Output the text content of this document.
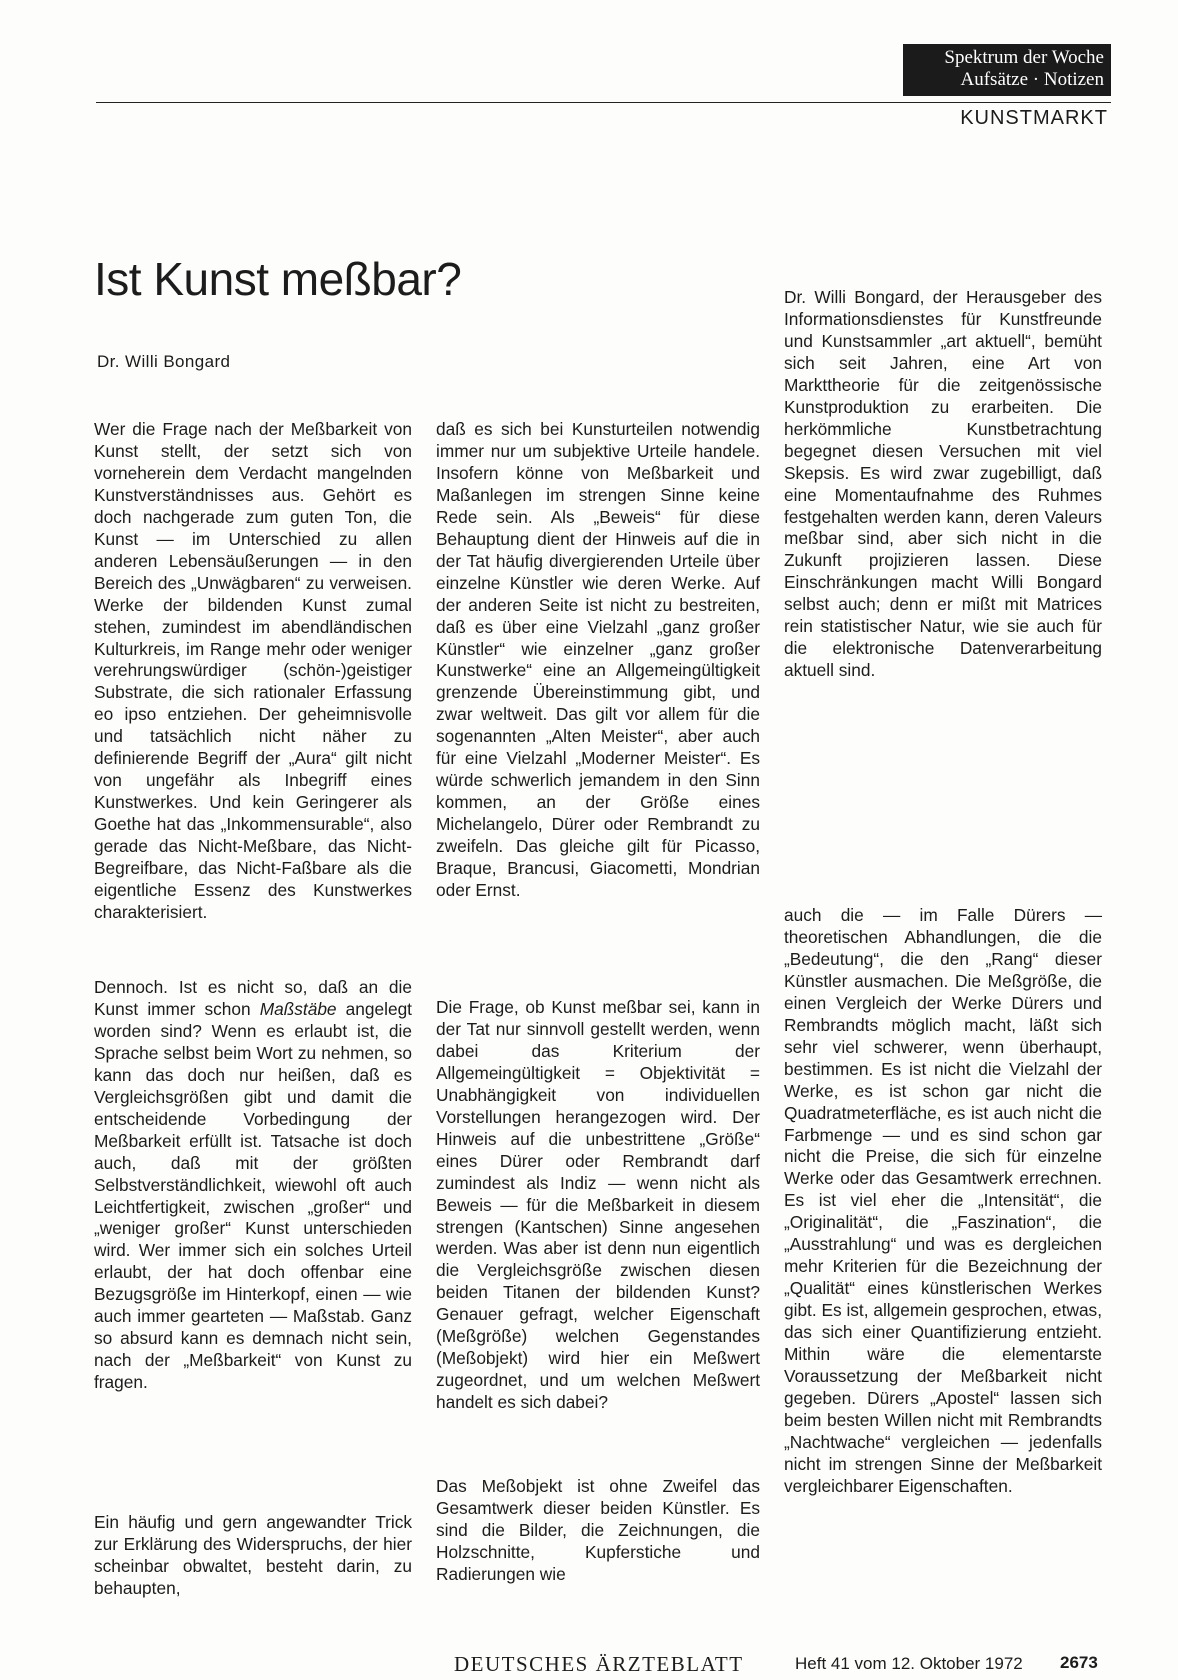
Spektrum der Woche
Aufsätze · Notizen
KUNSTMARKT
Ist Kunst meßbar?
Dr. Willi Bongard

Dr. Willi Bongard, der Herausgeber des Informationsdienstes für Kunstfreunde und Kunstsammler „art aktuell“, bemüht sich seit Jahren, eine Art von Markttheorie für die zeitgenössische Kunstproduktion zu erarbeiten. Die herkömmliche Kunstbetrachtung begegnet diesen Versuchen mit viel Skepsis. Es wird zwar zugebilligt, daß eine Momentaufnahme des Ruhmes festgehalten werden kann, deren Valeurs meßbar sind, aber sich nicht in die Zukunft projizieren lassen. Diese Einschränkungen macht Willi Bongard selbst auch; denn er mißt mit Matrices rein statistischer Natur, wie sie auch für die elektronische Datenverarbeitung aktuell sind.

Wer die Frage nach der Meßbarkeit von Kunst stellt, der setzt sich von vorneherein dem Verdacht mangelnden Kunstverständnisses aus. Gehört es doch nachgerade zum guten Ton, die Kunst — im Unterschied zu allen anderen Lebensäußerungen — in den Bereich des „Unwägbaren“ zu verweisen. Werke der bildenden Kunst zumal stehen, zumindest im abendländischen Kulturkreis, im Range mehr oder weniger verehrungswürdiger (schön-)geistiger Substrate, die sich rationaler Erfassung eo ipso entziehen. Der geheimnisvolle und tatsächlich nicht näher zu definierende Begriff der „Aura“ gilt nicht von ungefähr als Inbegriff eines Kunstwerkes. Und kein Geringerer als Goethe hat das „Inkommensurable“, also gerade das Nicht-Meßbare, das Nicht-Begreifbare, das Nicht-Faßbare als die eigentliche Essenz des Kunstwerkes charakterisiert.

Dennoch. Ist es nicht so, daß an die Kunst immer schon Maßstäbe angelegt worden sind? Wenn es erlaubt ist, die Sprache selbst beim Wort zu nehmen, so kann das doch nur heißen, daß es Vergleichsgrößen gibt und damit die entscheidende Vorbedingung der Meßbarkeit erfüllt ist. Tatsache ist doch auch, daß mit der größten Selbstverständlichkeit, wiewohl oft auch Leichtfertigkeit, zwischen „großer“ und „weniger großer“ Kunst unterschieden wird. Wer immer sich ein solches Urteil erlaubt, der hat doch offenbar eine Bezugsgröße im Hinterkopf, einen — wie auch immer gearteten — Maßstab. Ganz so absurd kann es demnach nicht sein, nach der „Meßbarkeit“ von Kunst zu fragen.

Ein häufig und gern angewandter Trick zur Erklärung des Widerspruchs, der hier scheinbar obwaltet, besteht darin, zu behaupten,

daß es sich bei Kunsturteilen notwendig immer nur um subjektive Urteile handele. Insofern könne von Meßbarkeit und Maßanlegen im strengen Sinne keine Rede sein. Als „Beweis“ für diese Behauptung dient der Hinweis auf die in der Tat häufig divergierenden Urteile über einzelne Künstler wie deren Werke. Auf der anderen Seite ist nicht zu bestreiten, daß es über eine Vielzahl „ganz großer Künstler“ wie einzelner „ganz großer Kunstwerke“ eine an Allgemeingültigkeit grenzende Übereinstimmung gibt, und zwar weltweit. Das gilt vor allem für die sogenannten „Alten Meister“, aber auch für eine Vielzahl „Moderner Meister“. Es würde schwerlich jemandem in den Sinn kommen, an der Größe eines Michelangelo, Dürer oder Rembrandt zu zweifeln. Das gleiche gilt für Picasso, Braque, Brancusi, Giacometti, Mondrian oder Ernst.

Die Frage, ob Kunst meßbar sei, kann in der Tat nur sinnvoll gestellt werden, wenn dabei das Kriterium der Allgemeingültigkeit = Objektivität = Unabhängigkeit von individuellen Vorstellungen herangezogen wird. Der Hinweis auf die unbestrittene „Größe“ eines Dürer oder Rembrandt darf zumindest als Indiz — wenn nicht als Beweis — für die Meßbarkeit in diesem strengen (Kantschen) Sinne angesehen werden. Was aber ist denn nun eigentlich die Vergleichsgröße zwischen diesen beiden Titanen der bildenden Kunst? Genauer gefragt, welcher Eigenschaft (Meßgröße) welchen Gegenstandes (Meßobjekt) wird hier ein Meßwert zugeordnet, und um welchen Meßwert handelt es sich dabei?

Das Meßobjekt ist ohne Zweifel das Gesamtwerk dieser beiden Künstler. Es sind die Bilder, die Zeichnungen, die Holzschnitte, Kupferstiche und Radierungen wie

auch die — im Falle Dürers — theoretischen Abhandlungen, die die „Bedeutung“, die den „Rang“ dieser Künstler ausmachen. Die Meßgröße, die einen Vergleich der Werke Dürers und Rembrandts möglich macht, läßt sich sehr viel schwerer, wenn überhaupt, bestimmen. Es ist nicht die Vielzahl der Werke, es ist schon gar nicht die Quadratmeterfläche, es ist auch nicht die Farbmenge — und es sind schon gar nicht die Preise, die sich für einzelne Werke oder das Gesamtwerk errechnen. Es ist viel eher die „Intensität“, die „Originalität“, die „Faszination“, die „Ausstrahlung“ und was es dergleichen mehr Kriterien für die Bezeichnung der „Qualität“ eines künstlerischen Werkes gibt. Es ist, allgemein gesprochen, etwas, das sich einer Quantifizierung entzieht. Mithin wäre die elementarste Voraussetzung der Meßbarkeit nicht gegeben. Dürers „Apostel“ lassen sich beim besten Willen nicht mit Rembrandts „Nachtwache“ vergleichen — jedenfalls nicht im strengen Sinne der Meßbarkeit vergleichbarer Eigenschaften.

DEUTSCHES ÄRZTEBLATT	Heft 41 vom 12. Oktober 1972 2673
